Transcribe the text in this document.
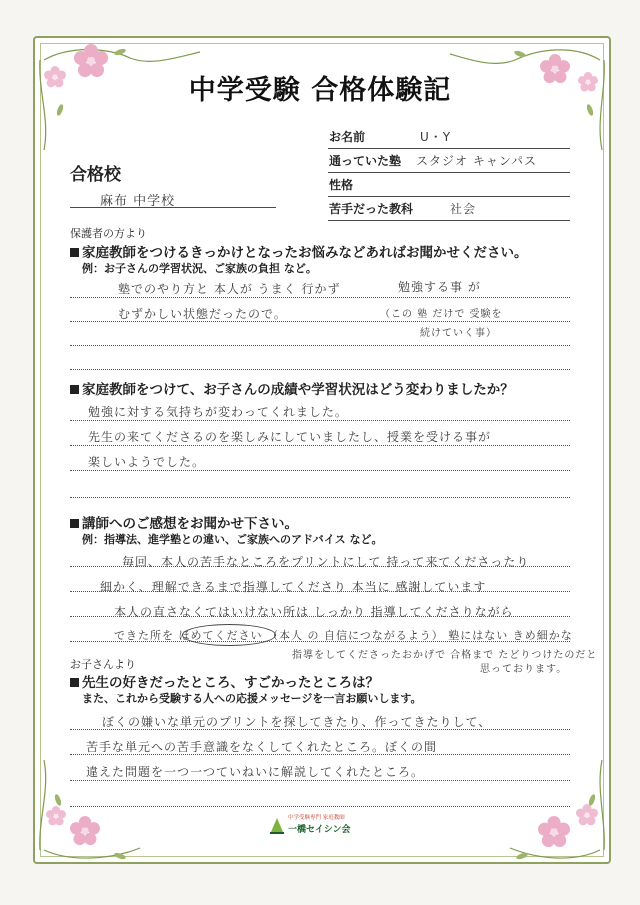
中学受験 合格体験記
お名前	U・Y
通っていた塾 スタジオ キャンパス
性格
苦手だった教科	社会
合格校
麻布 中学校
保護者の方より
家庭教師をつけるきっかけとなったお悩みなどあればお聞かせください。
例：お子さんの学習状況、ご家族の負担 など。
塾でのやり方と 本人が うまく 行かず	勉強する事 が
むずかしい状態だったので。	（この 塾 だけで 受験を
続けていく事）
家庭教師をつけて、お子さんの成績や学習状況はどう変わりましたか？
勉強に対する気持ちが変わってくれました。
先生の来てくださるのを楽しみにしていましたし、授業を受ける事が
楽しいようでした。
講師へのご感想をお聞かせ下さい。
例：指導法、進学塾との違い、ご家族へのアドバイス など。
毎回、本人の苦手なところをプリントにして 持って来てくださったり
細かく、理解できるまで指導してくださり 本当に 感謝しています
本人の直さなくてはいけない所は しっかり 指導してくださりながら
できた所を ほめてください （本人 の 自信につながるよう） 塾にはない きめ細かな
指導をしてくださったおかげで 合格まで たどりつけたのだと
思っております。
お子さんより
先生の好きだったところ、すごかったところは？
また、これから受験する人への応援メッセージを一言お願いします。
ぼくの嫌いな単元のプリントを探してきたり、作ってきたりして、
苦手な単元への苦手意識をなくしてくれたところ。ぼくの間
違えた問題を一つ一つていねいに解説してくれたところ。
中学受験専門 家庭教師
一橋セイシン会
